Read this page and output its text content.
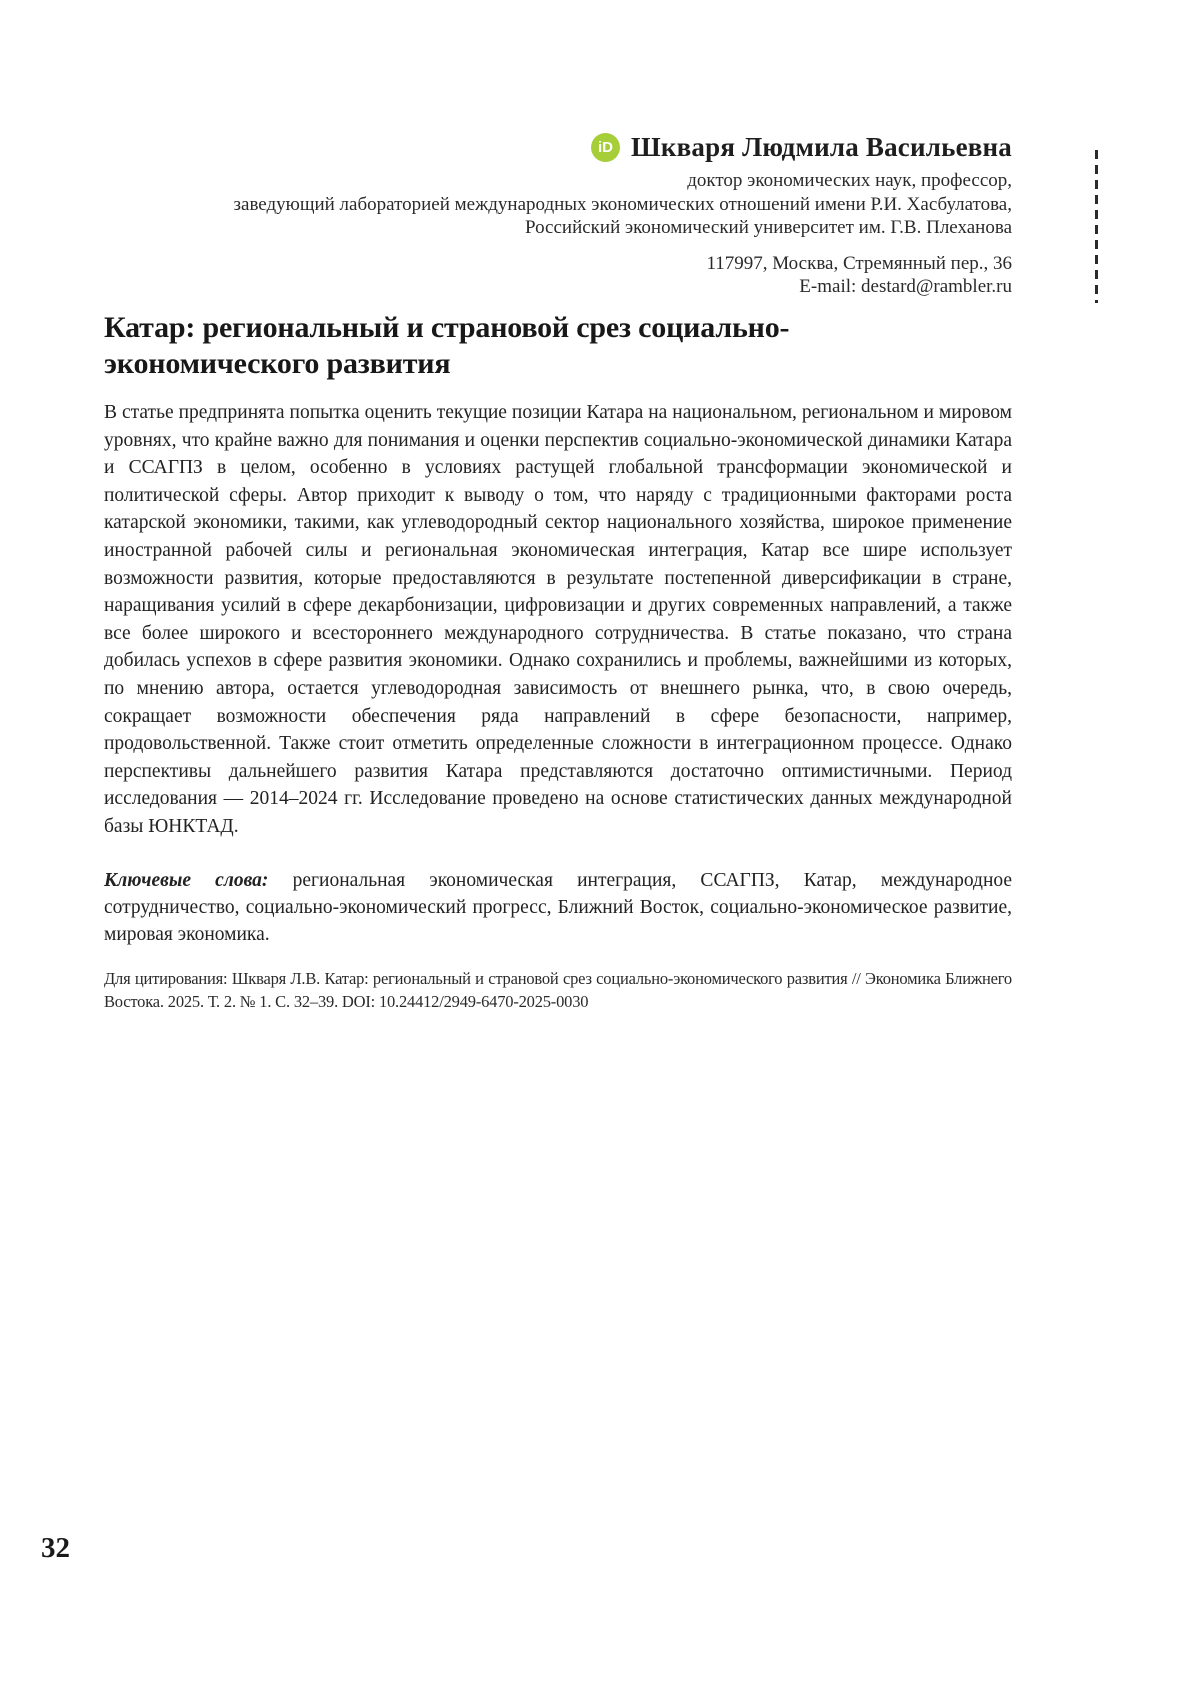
iD Шкваря Людмила Васильевна
доктор экономических наук, профессор,
заведующий лабораторией международных экономических отношений имени Р.И. Хасбулатова,
Российский экономический университет им. Г.В. Плеханова
117997, Москва, Стремянный пер., 36
E-mail: destard@rambler.ru
Катар: региональный и страновой срез социально-
экономического развития

В статье предпринята попытка оценить текущие позиции Катара на национальном, региональном и мировом уровнях, что крайне важно для понимания и оценки перспектив социально-экономической динамики Катара и ССАГПЗ в целом, особенно в условиях растущей глобальной трансформации экономической и политической сферы. Автор приходит к выводу о том, что наряду с традиционными факторами роста катарской экономики, такими, как углеводородный сектор национального хозяйства, широкое применение иностранной рабочей силы и региональная экономическая интеграция, Катар все шире использует возможности развития, которые предоставляются в результате постепенной диверсификации в стране, наращивания усилий в сфере декарбонизации, цифровизации и других современных направлений, а также все более широкого и всестороннего международного сотрудничества. В статье показано, что страна добилась успехов в сфере развития экономики. Однако сохранились и проблемы, важнейшими из которых, по мнению автора, остается углеводородная зависимость от внешнего рынка, что, в свою очередь, сокращает возможности обеспечения ряда направлений в сфере безопасности, например, продовольственной. Также стоит отметить определенные сложности в интеграционном процессе. Однако перспективы дальнейшего развития Катара представляются достаточно оптимистичными. Период исследования — 2014–2024 гг. Исследование проведено на основе статистических данных международной базы ЮНКТАД.

Ключевые слова: региональная экономическая интеграция, ССАГПЗ, Катар, международное сотрудничество, социально-экономический прогресс, Ближний Восток, социально-экономическое развитие, мировая экономика.

Для цитирования: Шкваря Л.В. Катар: региональный и страновой срез социально-экономического развития // Экономика Ближнего Востока. 2025. Т. 2. № 1. С. 32–39. DOI: 10.24412/2949-6470-2025-0030

32
